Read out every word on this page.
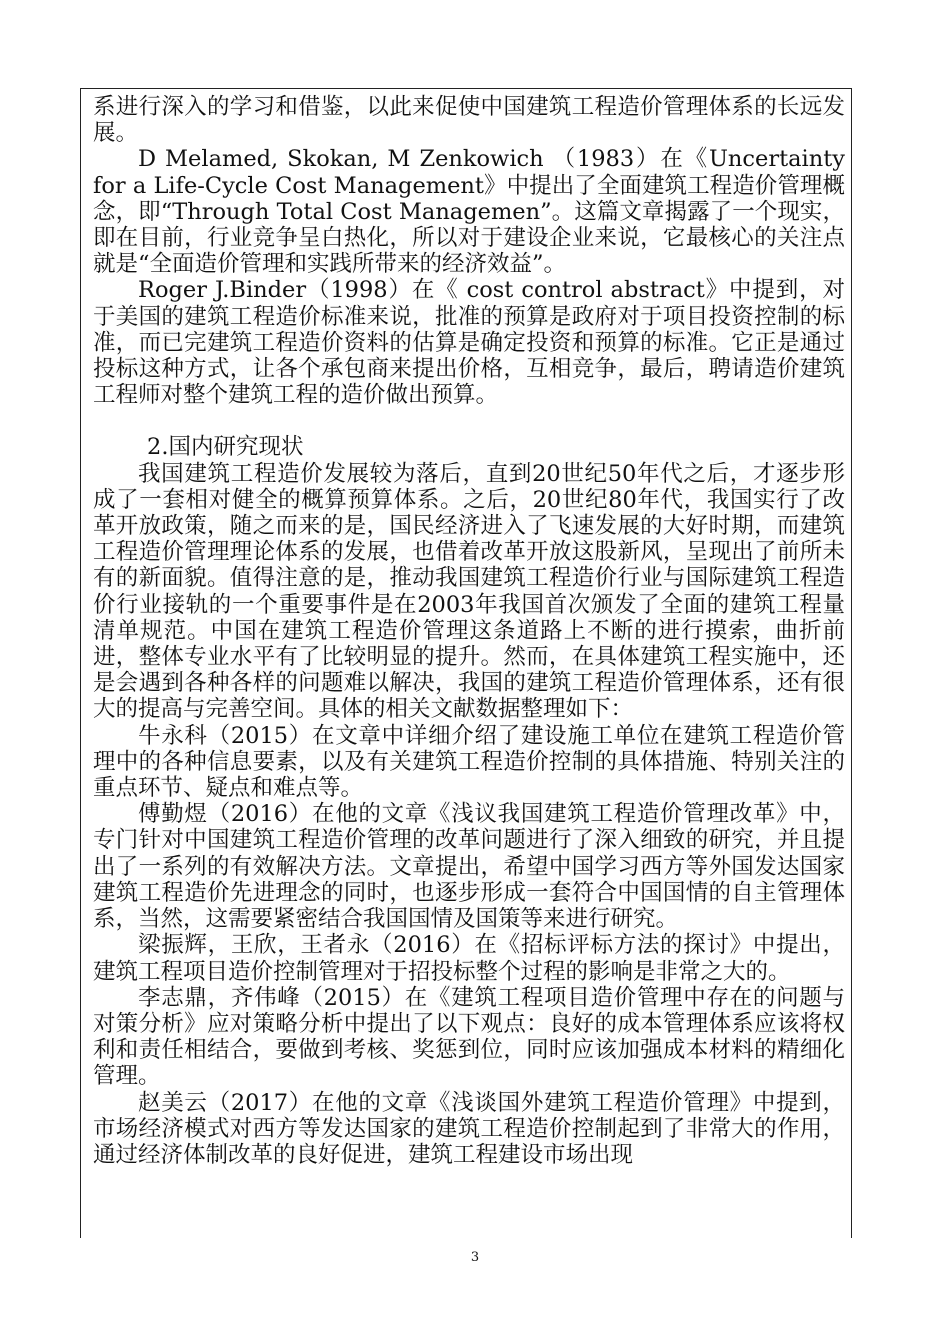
系进行深入的学习和借鉴，以此来促使中国建筑工程造价管理体系的长远发展。

D Melamed, Skokan, M Zenkowich （1983）在《Uncertainty for a Life-Cycle Cost Management》中提出了全面建筑工程造价管理概念，即“Through Total Cost Managemen”。这篇文章揭露了一个现实，即在目前，行业竞争呈白热化，所以对于建设企业来说，它最核心的关注点就是“全面造价管理和实践所带来的经济效益”。

Roger J.Binder（1998）在《 cost control abstract》中提到，对于美国的建筑工程造价标准来说，批准的预算是政府对于项目投资控制的标准，而已完建筑工程造价资料的估算是确定投资和预算的标准。它正是通过投标这种方式，让各个承包商来提出价格，互相竞争，最后，聘请造价建筑工程师对整个建筑工程的造价做出预算。

2.国内研究现状

我国建筑工程造价发展较为落后，直到20世纪50年代之后，才逐步形成了一套相对健全的概算预算体系。之后，20世纪80年代，我国实行了改革开放政策，随之而来的是，国民经济进入了飞速发展的大好时期，而建筑工程造价管理理论体系的发展，也借着改革开放这股新风，呈现出了前所未有的新面貌。值得注意的是，推动我国建筑工程造价行业与国际建筑工程造价行业接轨的一个重要事件是在2003年我国首次颁发了全面的建筑工程量清单规范。中国在建筑工程造价管理这条道路上不断的进行摸索，曲折前进，整体专业水平有了比较明显的提升。然而，在具体建筑工程实施中，还是会遇到各种各样的问题难以解决，我国的建筑工程造价管理体系，还有很大的提高与完善空间。具体的相关文献数据整理如下：

牛永科（2015）在文章中详细介绍了建设施工单位在建筑工程造价管理中的各种信息要素，以及有关建筑工程造价控制的具体措施、特别关注的重点环节、疑点和难点等。

傅勤煜（2016）在他的文章《浅议我国建筑工程造价管理改革》中，专门针对中国建筑工程造价管理的改革问题进行了深入细致的研究，并且提出了一系列的有效解决方法。文章提出，希望中国学习西方等外国发达国家建筑工程造价先进理念的同时，也逐步形成一套符合中国国情的自主管理体系，当然，这需要紧密结合我国国情及国策等来进行研究。

梁振辉，王欣，王者永（2016）在《招标评标方法的探讨》中提出，建筑工程项目造价控制管理对于招投标整个过程的影响是非常之大的。

李志鼎，齐伟峰（2015）在《建筑工程项目造价管理中存在的问题与对策分析》应对策略分析中提出了以下观点：良好的成本管理体系应该将权利和责任相结合，要做到考核、奖惩到位，同时应该加强成本材料的精细化管理。

赵美云（2017）在他的文章《浅谈国外建筑工程造价管理》中提到，市场经济模式对西方等发达国家的建筑工程造价控制起到了非常大的作用，通过经济体制改革的良好促进，建筑工程建设市场出现

3
